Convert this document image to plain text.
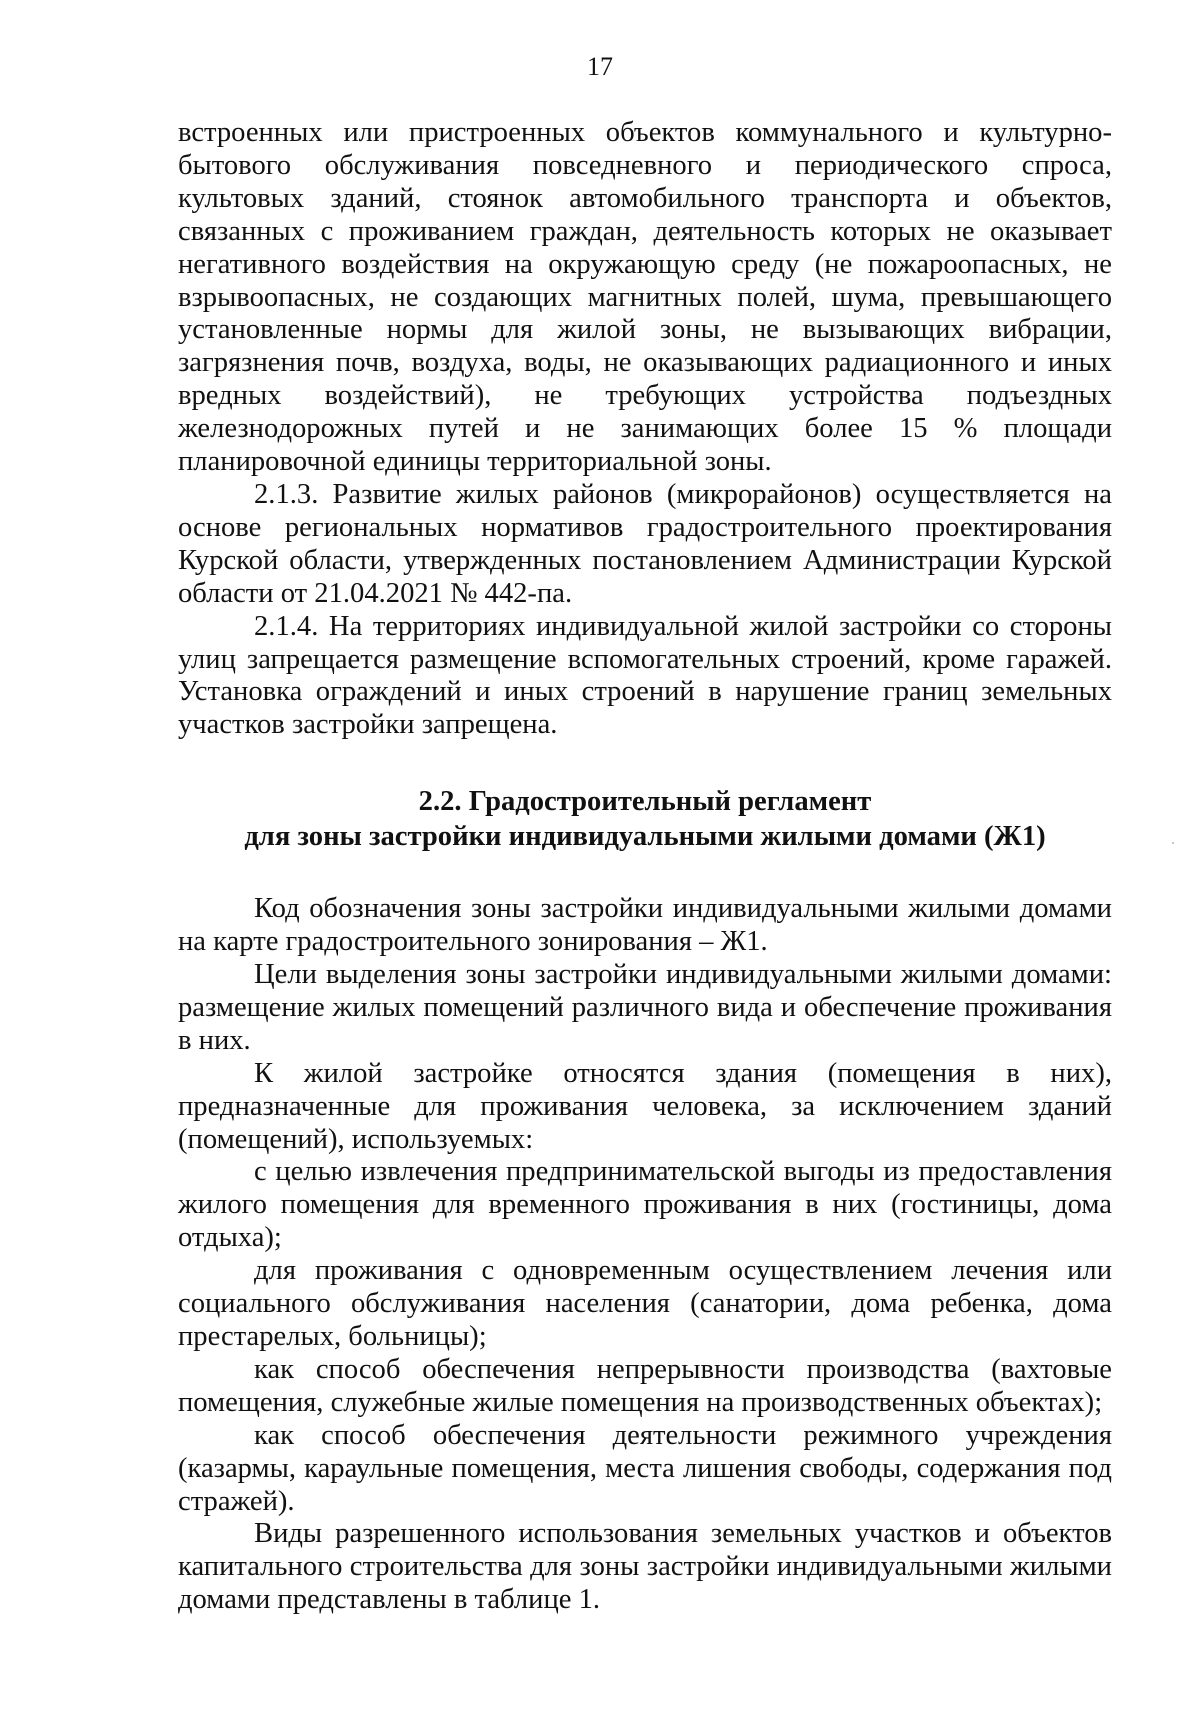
17

встроенных или пристроенных объектов коммунального и культурно-бытового обслуживания повседневного и периодического спроса, культовых зданий, стоянок автомобильного транспорта и объектов, связанных с проживанием граждан, деятельность которых не оказывает негативного воздействия на окружающую среду (не пожароопасных, не взрывоопасных, не создающих магнитных полей, шума, превышающего установленные нормы для жилой зоны, не вызывающих вибрации, загрязнения почв, воздуха, воды, не оказывающих радиационного и иных вредных воздействий), не требующих устройства подъездных железнодорожных путей и не занимающих более 15 % площади планировочной единицы территориальной зоны.

2.1.3. Развитие жилых районов (микрорайонов) осуществляется на основе региональных нормативов градостроительного проектирования Курской области, утвержденных постановлением Администрации Курской области от 21.04.2021 № 442-па.

2.1.4. На территориях индивидуальной жилой застройки со стороны улиц запрещается размещение вспомогательных строений, кроме гаражей. Установка ограждений и иных строений в нарушение границ земельных участков застройки запрещена.

2.2. Градостроительный регламент
для зоны застройки индивидуальными жилыми домами (Ж1)

Код обозначения зоны застройки индивидуальными жилыми домами на карте градостроительного зонирования – Ж1.

Цели выделения зоны застройки индивидуальными жилыми домами: размещение жилых помещений различного вида и обеспечение проживания в них.

К жилой застройке относятся здания (помещения в них), предназначенные для проживания человека, за исключением зданий (помещений), используемых:

с целью извлечения предпринимательской выгоды из предоставления жилого помещения для временного проживания в них (гостиницы, дома отдыха);

для проживания с одновременным осуществлением лечения или социального обслуживания населения (санатории, дома ребенка, дома престарелых, больницы);

как способ обеспечения непрерывности производства (вахтовые помещения, служебные жилые помещения на производственных объектах);

как способ обеспечения деятельности режимного учреждения (казармы, караульные помещения, места лишения свободы, содержания под стражей).

Виды разрешенного использования земельных участков и объектов капитального строительства для зоны застройки индивидуальными жилыми домами представлены в таблице 1.
